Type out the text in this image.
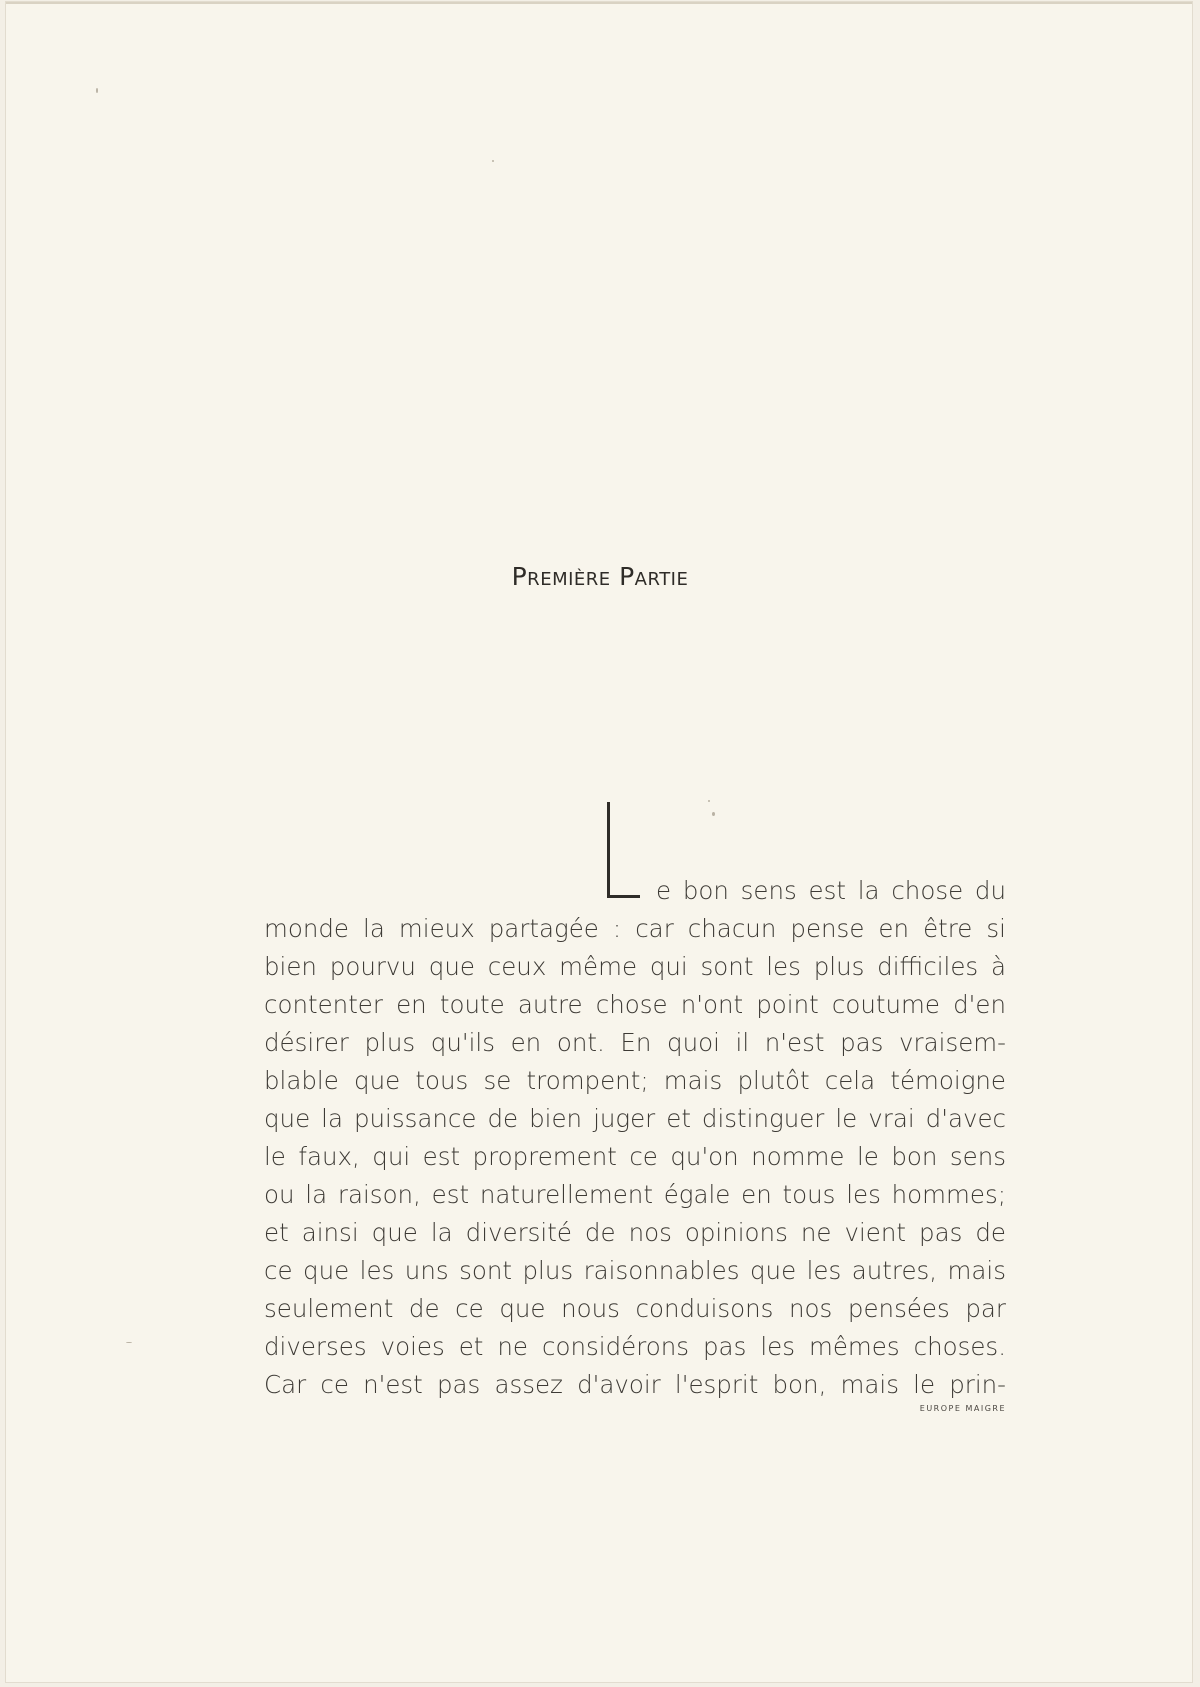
Première Partie
e bon sens est la chose du
monde la mieux partagée : car chacun pense en être si
bien pourvu que ceux même qui sont les plus difficiles à
contenter en toute autre chose n'ont point coutume d'en
désirer plus qu'ils en ont. En quoi il n'est pas vraisem-
blable que tous se trompent; mais plutôt cela témoigne
que la puissance de bien juger et distinguer le vrai d'avec
le faux, qui est proprement ce qu'on nomme le bon sens
ou la raison, est naturellement égale en tous les hommes;
et ainsi que la diversité de nos opinions ne vient pas de
ce que les uns sont plus raisonnables que les autres, mais
seulement de ce que nous conduisons nos pensées par
diverses voies et ne considérons pas les mêmes choses.
Car ce n'est pas assez d'avoir l'esprit bon, mais le prin-
EUROPE MAIGRE
